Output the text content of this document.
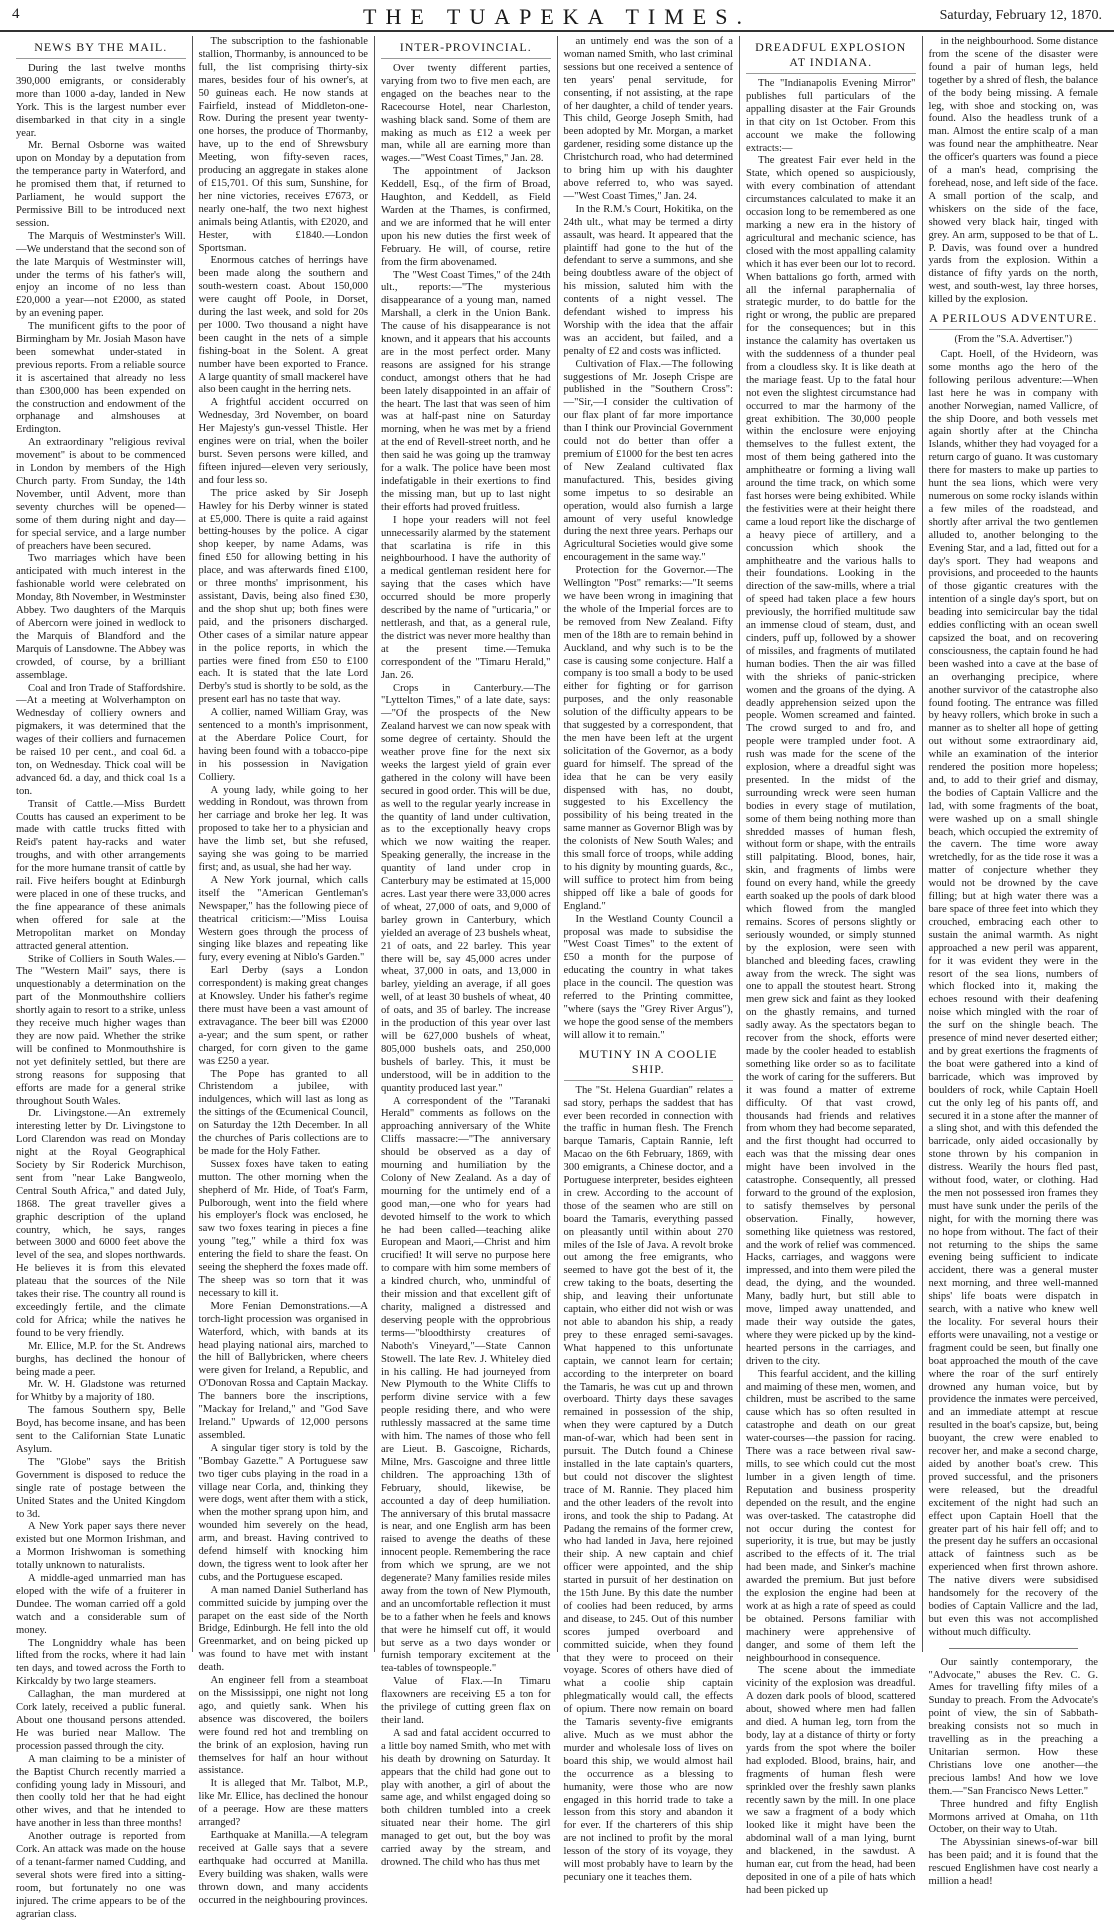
4	THE TUAPEKA TIMES.	Saturday, February 12, 1870.
NEWS BY THE MAIL.

During the last twelve months 390,000 emigrants, or considerably more than 1000 a-day, landed in New York. This is the largest number ever disembarked in that city in a single year.

Mr. Bernal Osborne was waited upon on Monday by a deputation from the temperance party in Waterford, and he promised them that, if returned to Parliament, he would support the Permissive Bill to be introduced next session.

The Marquis of Westminster's Will.—We understand that the second son of the late Marquis of Westminster will, under the terms of his father's will, enjoy an income of no less than £20,000 a year—not £2000, as stated by an evening paper.

The munificent gifts to the poor of Birmingham by Mr. Josiah Mason have been somewhat under-stated in previous reports. From a reliable source it is ascertained that already no less than £300,000 has been expended on the construction and endowment of the orphanage and almshouses at Erdington.

An extraordinary "religious revival movement" is about to be commenced in London by members of the High Church party. From Sunday, the 14th November, until Advent, more than seventy churches will be opened—some of them during night and day—for special service, and a large number of preachers have been secured.

Two marriages which have been anticipated with much interest in the fashionable world were celebrated on Monday, 8th November, in Westminster Abbey. Two daughters of the Marquis of Abercorn were joined in wedlock to the Marquis of Blandford and the Marquis of Lansdowne. The Abbey was crowded, of course, by a brilliant assemblage.

Coal and Iron Trade of Staffordshire.—At a meeting at Wolverhampton on Wednesday of colliery owners and pigmakers, it was determined that the wages of their colliers and furnacemen be raised 10 per cent., and coal 6d. a ton, on Wednesday. Thick coal will be advanced 6d. a day, and thick coal 1s a ton.

Transit of Cattle.—Miss Burdett Coutts has caused an experiment to be made with cattle trucks fitted with Reid's patent hay-racks and water troughs, and with other arrangements for the more humane transit of cattle by rail. Five heifers bought at Edinburgh were placed in one of these trucks, and the fine appearance of these animals when offered for sale at the Metropolitan market on Monday attracted general attention.

Strike of Colliers in South Wales.—The "Western Mail" says, there is unquestionably a determination on the part of the Monmouthshire colliers shortly again to resort to a strike, unless they receive much higher wages than they are now paid. Whether the strike will be confined to Monmouthshire is not yet definitely settled, but there are strong reasons for supposing that efforts are made for a general strike throughout South Wales.

Dr. Livingstone.—An extremely interesting letter by Dr. Livingstone to Lord Clarendon was read on Monday night at the Royal Geographical Society by Sir Roderick Murchison, sent from "near Lake Bangweolo, Central South Africa," and dated July, 1868. The great traveller gives a graphic description of the upland country, which, he says, ranges between 3000 and 6000 feet above the level of the sea, and slopes northwards. He believes it is from this elevated plateau that the sources of the Nile takes their rise. The country all round is exceedingly fertile, and the climate cold for Africa; while the natives he found to be very friendly.

Mr. Ellice, M.P. for the St. Andrews burghs, has declined the honour of being made a peer.

Mr. W. H. Gladstone was returned for Whitby by a majority of 180.

The famous Southern spy, Belle Boyd, has become insane, and has been sent to the Californian State Lunatic Asylum.

The "Globe" says the British Government is disposed to reduce the single rate of postage between the United States and the United Kingdom to 3d.

A New York paper says there never existed but one Mormon Irishman, and a Mormon Irishwoman is something totally unknown to naturalists.

A middle-aged unmarried man has eloped with the wife of a fruiterer in Dundee. The woman carried off a gold watch and a considerable sum of money.

The Longniddry whale has been lifted from the rocks, where it had lain ten days, and towed across the Forth to Kirkcaldy by two large steamers.

Callaghan, the man murdered at Cork lately, received a public funeral. About one thousand persons attended. He was buried near Mallow. The procession passed through the city.

A man claiming to be a minister of the Baptist Church recently married a confiding young lady in Missouri, and then coolly told her that he had eight other wives, and that he intended to have another in less than three months!

Another outrage is reported from Cork. An attack was made on the house of a tenant-farmer named Cudding, and several shots were fired into a sitting-room, but fortunately no one was injured. The crime appears to be of the agrarian class.

The subscription to the fashionable stallion, Thormanby, is announced to be full, the list comprising thirty-six mares, besides four of his owner's, at 50 guineas each. He now stands at Fairfield, instead of Middleton-one-Row. During the present year twenty-one horses, the produce of Thormanby, have, up to the end of Shrewsbury Meeting, won fifty-seven races, producing an aggregate in stakes alone of £15,701. Of this sum, Sunshine, for her nine victories, receives £7673, or nearly one-half, the two next highest animals being Atlantis, with £2020, and Hester, with £1840.—London Sportsman.

Enormous catches of herrings have been made along the southern and south-western coast. About 150,000 were caught off Poole, in Dorset, during the last week, and sold for 20s per 1000. Two thousand a night have been caught in the nets of a simple fishing-boat in the Solent. A great number have been exported to France. A large quantity of small mackerel have also been caught in the herring nets.

A frightful accident occurred on Wednesday, 3rd November, on board Her Majesty's gun-vessel Thistle. Her engines were on trial, when the boiler burst. Seven persons were killed, and fifteen injured—eleven very seriously, and four less so.

The price asked by Sir Joseph Hawley for his Derby winner is stated at £5,000. There is quite a raid against betting-houses by the police. A cigar shop keeper, by name Adams, was fined £50 for allowing betting in his place, and was afterwards fined £100, or three months' imprisonment, his assistant, Davis, being also fined £30, and the shop shut up; both fines were paid, and the prisoners discharged. Other cases of a similar nature appear in the police reports, in which the parties were fined from £50 to £100 each. It is stated that the late Lord Derby's stud is shortly to be sold, as the present earl has no taste that way.

A collier, named William Gray, was sentenced to a month's imprisonment, at the Aberdare Police Court, for having been found with a tobacco-pipe in his possession in Navigation Colliery.

A young lady, while going to her wedding in Rondout, was thrown from her carriage and broke her leg. It was proposed to take her to a physician and have the limb set, but she refused, saying she was going to be married first; and, as usual, she had her way.

A New York journal, which calls itself the "American Gentleman's Newspaper," has the following piece of theatrical criticism:—"Miss Louisa Western goes through the process of singing like blazes and repeating like fury, every evening at Niblo's Garden."

Earl Derby (says a London correspondent) is making great changes at Knowsley. Under his father's regime there must have been a vast amount of extravagance. The beer bill was £2000 a-year; and the sum spent, or rather charged, for corn given to the game was £250 a year.

The Pope has granted to all Christendom a jubilee, with indulgences, which will last as long as the sittings of the Œcumenical Council, on Saturday the 12th December. In all the churches of Paris collections are to be made for the Holy Father.

Sussex foxes have taken to eating mutton. The other morning when the shepherd of Mr. Hide, of Toat's Farm, Pulborough, went into the field where his employer's flock was enclosed, he saw two foxes tearing in pieces a fine young "teg," while a third fox was entering the field to share the feast. On seeing the shepherd the foxes made off. The sheep was so torn that it was necessary to kill it.

More Fenian Demonstrations.—A torch-light procession was organised in Waterford, which, with bands at its head playing national airs, marched to the hill of Ballybricken, where cheers were given for Ireland, a Republic, and O'Donovan Rossa and Captain Mackay. The banners bore the inscriptions, "Mackay for Ireland," and "God Save Ireland." Upwards of 12,000 persons assembled.

A singular tiger story is told by the "Bombay Gazette." A Portuguese saw two tiger cubs playing in the road in a village near Corla, and, thinking they were dogs, went after them with a stick, when the mother sprang upon him, and wounded him severely on the head, arm, and breast. Having contrived to defend himself with knocking him down, the tigress went to look after her cubs, and the Portuguese escaped.

A man named Daniel Sutherland has committed suicide by jumping over the parapet on the east side of the North Bridge, Edinburgh. He fell into the old Greenmarket, and on being picked up was found to have met with instant death.

An engineer fell from a steamboat on the Mississippi, one night not long ago, and quietly sank. When his absence was discovered, the boilers were found red hot and trembling on the brink of an explosion, having run themselves for half an hour without assistance.

It is alleged that Mr. Talbot, M.P., like Mr. Ellice, has declined the honour of a peerage. How are these matters arranged?

Earthquake at Manilla.—A telegram received at Galle says that a severe earthquake had occurred at Manilla. Every building was shaken, walls were thrown down, and many accidents occurred in the neighbouring provinces.

INTER-PROVINCIAL.

Over twenty different parties, varying from two to five men each, are engaged on the beaches near to the Racecourse Hotel, near Charleston, washing black sand. Some of them are making as much as £12 a week per man, while all are earning more than wages.—"West Coast Times," Jan. 28.

The appointment of Jackson Keddell, Esq., of the firm of Broad, Haughton, and Keddell, as Field Warden at the Thames, is confirmed, and we are informed that he will enter upon his new duties the first week of February. He will, of course, retire from the firm abovenamed.

The "West Coast Times," of the 24th ult., reports:—"The mysterious disappearance of a young man, named Marshall, a clerk in the Union Bank. The cause of his disappearance is not known, and it appears that his accounts are in the most perfect order. Many reasons are assigned for his strange conduct, amongst others that he had been lately disappointed in an affair of the heart. The last that was seen of him was at half-past nine on Saturday morning, when he was met by a friend at the end of Revell-street north, and he then said he was going up the tramway for a walk. The police have been most indefatigable in their exertions to find the missing man, but up to last night their efforts had proved fruitless.

I hope your readers will not feel unnecessarily alarmed by the statement that scarlatina is rife in this neighbourhood. I have the authority of a medical gentleman resident here for saying that the cases which have occurred should be more properly described by the name of "urticaria," or nettlerash, and that, as a general rule, the district was never more healthy than at the present time.—Temuka correspondent of the "Timaru Herald," Jan. 26.

Crops in Canterbury.—The "Lyttelton Times," of a late date, says:—"Of the prospects of the New Zealand harvest we can now speak with some degree of certainty. Should the weather prove fine for the next six weeks the largest yield of grain ever gathered in the colony will have been secured in good order. This will be due, as well to the regular yearly increase in the quantity of land under cultivation, as to the exceptionally heavy crops which we now waiting the reaper. Speaking generally, the increase in the quantity of land under crop in Canterbury may be estimated at 15,000 acres. Last year there were 33,000 acres of wheat, 27,000 of oats, and 9,000 of barley grown in Canterbury, which yielded an average of 23 bushels wheat, 21 of oats, and 22 barley. This year there will be, say 45,000 acres under wheat, 37,000 in oats, and 13,000 in barley, yielding an average, if all goes well, of at least 30 bushels of wheat, 40 of oats, and 35 of barley. The increase in the production of this year over last will be 627,000 bushels of wheat, 805,000 bushels oats, and 250,000 bushels of barley. This, it must be understood, will be in addition to the quantity produced last year."

A correspondent of the "Taranaki Herald" comments as follows on the approaching anniversary of the White Cliffs massacre:—"The anniversary should be observed as a day of mourning and humiliation by the Colony of New Zealand. As a day of mourning for the untimely end of a good man,—one who for years had devoted himself to the work to which he had been called—teaching alike European and Maori,—Christ and him crucified! It will serve no purpose here to compare with him some members of a kindred church, who, unmindful of their mission and that excellent gift of charity, maligned a distressed and deserving people with the opprobrious terms—"bloodthirsty creatures of Naboth's Vineyard,"—State Cannon Stowell. The late Rev. J. Whiteley died in his calling. He had journeyed from New Plymouth to the White Cliffs to perform divine service with a few people residing there, and who were ruthlessly massacred at the same time with him. The names of those who fell are Lieut. B. Gascoigne, Richards, Milne, Mrs. Gascoigne and three little children. The approaching 13th of February, should, likewise, be accounted a day of deep humiliation. The anniversary of this brutal massacre is near, and one English arm has been raised to avenge the deaths of these innocent people. Remembering the race from which we sprung, are we not degenerate? Many families reside miles away from the town of New Plymouth, and an uncomfortable reflection it must be to a father when he feels and knows that were he himself cut off, it would but serve as a two days wonder or furnish temporary excitement at the tea-tables of townspeople."

Value of Flax.—In Timaru flaxowners are receiving £5 a ton for the privilege of cutting green flax on their land.

A sad and fatal accident occurred to a little boy named Smith, who met with his death by drowning on Saturday. It appears that the child had gone out to play with another, a girl of about the same age, and whilst engaged doing so both children tumbled into a creek situated near their home. The girl managed to get out, but the boy was carried away by the stream, and drowned. The child who has thus met

an untimely end was the son of a woman named Smith, who last criminal sessions but one received a sentence of ten years' penal servitude, for consenting, if not assisting, at the rape of her daughter, a child of tender years. This child, George Joseph Smith, had been adopted by Mr. Morgan, a market gardener, residing some distance up the Christchurch road, who had determined to bring him up with his daughter above referred to, who was sayed.—"West Coast Times," Jan. 24.

In the R.M.'s Court, Hokitika, on the 24th ult., what may be termed a dirty assault, was heard. It appeared that the plaintiff had gone to the hut of the defendant to serve a summons, and she being doubtless aware of the object of his mission, saluted him with the contents of a night vessel. The defendant wished to impress his Worship with the idea that the affair was an accident, but failed, and a penalty of £2 and costs was inflicted.

Cultivation of Flax.—The following suggestions of Mr. Joseph Crispe are published in the "Southern Cross":—"Sir,—I consider the cultivation of our flax plant of far more importance than I think our Provincial Government could not do better than offer a premium of £1000 for the best ten acres of New Zealand cultivated flax manufactured. This, besides giving some impetus to so desirable an operation, would also furnish a large amount of very useful knowledge during the next three years. Perhaps our Agricultural Societies would give some encouragement in the same way."

Protection for the Governor.—The Wellington "Post" remarks:—"It seems we have been wrong in imagining that the whole of the Imperial forces are to be removed from New Zealand. Fifty men of the 18th are to remain behind in Auckland, and why such is to be the case is causing some conjecture. Half a company is too small a body to be used either for fighting or for garrison purposes, and the only reasonable solution of the difficulty appears to be that suggested by a correspondent, that the men have been left at the urgent solicitation of the Governor, as a body guard for himself. The spread of the idea that he can be very easily dispensed with has, no doubt, suggested to his Excellency the possibility of his being treated in the same manner as Governor Bligh was by the colonists of New South Wales; and this small force of troops, while adding to his dignity by mounting guards, &c., will suffice to protect him from being shipped off like a bale of goods for England."

In the Westland County Council a proposal was made to subsidise the "West Coast Times" to the extent of £50 a month for the purpose of educating the country in what takes place in the council. The question was referred to the Printing committee, "where (says the "Grey River Argus"), we hope the good sense of the members will allow it to remain."

MUTINY IN A COOLIE SHIP.

The "St. Helena Guardian" relates a sad story, perhaps the saddest that has ever been recorded in connection with the traffic in human flesh. The French barque Tamaris, Captain Rannie, left Macao on the 6th February, 1869, with 300 emigrants, a Chinese doctor, and a Portuguese interpreter, besides eighteen in crew. According to the account of those of the seamen who are still on board the Tamaris, everything passed on pleasantly until within about 270 miles of the Isle of Java. A revolt broke out among the free emigrants, who seemed to have got the best of it, the crew taking to the boats, deserting the ship, and leaving their unfortunate captain, who either did not wish or was not able to abandon his ship, a ready prey to these enraged semi-savages. What happened to this unfortunate captain, we cannot learn for certain; according to the interpreter on board the Tamaris, he was cut up and thrown overboard. Thirty days these savages remained in possession of the ship, when they were captured by a Dutch man-of-war, which had been sent in pursuit. The Dutch found a Chinese installed in the late captain's quarters, but could not discover the slightest trace of M. Rannie. They placed him and the other leaders of the revolt into irons, and took the ship to Padang. At Padang the remains of the former crew, who had landed in Java, here rejoined their ship. A new captain and chief officer were appointed, and the ship started in pursuit of her destination on the 15th June. By this date the number of coolies had been reduced, by arms and disease, to 245. Out of this number scores jumped overboard and committed suicide, when they found that they were to proceed on their voyage. Scores of others have died of what a coolie ship captain phlegmatically would call, the effects of opium. There now remain on board the Tamaris seventy-five emigrants alive. Much as we must abhor the murder and wholesale loss of lives on board this ship, we would almost hail the occurrence as a blessing to humanity, were those who are now engaged in this horrid trade to take a lesson from this story and abandon it for ever. If the charterers of this ship are not inclined to profit by the moral lesson of the story of its voyage, they will most probably have to learn by the pecuniary one it teaches them.

DREADFUL EXPLOSION AT INDIANA.

The "Indianapolis Evening Mirror" publishes full particulars of the appalling disaster at the Fair Grounds in that city on 1st October. From this account we make the following extracts:—

The greatest Fair ever held in the State, which opened so auspiciously, with every combination of attendant circumstances calculated to make it an occasion long to be remembered as one marking a new era in the history of agricultural and mechanic science, has closed with the most appalling calamity which it has ever been our lot to record. When battalions go forth, armed with all the infernal paraphernalia of strategic murder, to do battle for the right or wrong, the public are prepared for the consequences; but in this instance the calamity has overtaken us with the suddenness of a thunder peal from a cloudless sky. It is like death at the mariage feast. Up to the fatal hour not even the slightest circumstance had occurred to mar the harmony of the great exhibition. The 30,000 people within the enclosure were enjoying themselves to the fullest extent, the most of them being gathered into the amphitheatre or forming a living wall around the time track, on which some fast horses were being exhibited. While the festivities were at their height there came a loud report like the discharge of a heavy piece of artillery, and a concussion which shook the amphitheatre and the various halls to their foundations. Looking in the direction of the saw-mills, where a trial of speed had taken place a few hours previously, the horrified multitude saw an immense cloud of steam, dust, and cinders, puff up, followed by a shower of missiles, and fragments of mutilated human bodies. Then the air was filled with the shrieks of panic-stricken women and the groans of the dying. A deadly apprehension seized upon the people. Women screamed and fainted. The crowd surged to and fro, and people were trampled under foot. A rush was made for the scene of the explosion, where a dreadful sight was presented. In the midst of the surrounding wreck were seen human bodies in every stage of mutilation, some of them being nothing more than shredded masses of human flesh, without form or shape, with the entrails still palpitating. Blood, bones, hair, skin, and fragments of limbs were found on every hand, while the greedy earth soaked up the pools of dark blood which flowed from the mangled remains. Scores of persons slightly or seriously wounded, or simply stunned by the explosion, were seen with blanched and bleeding faces, crawling away from the wreck. The sight was one to appall the stoutest heart. Strong men grew sick and faint as they looked on the ghastly remains, and turned sadly away. As the spectators began to recover from the shock, efforts were made by the cooler headed to establish something like order so as to facilitate the work of caring for the sufferers. But it was found a matter of extreme difficulty. Of that vast crowd, thousands had friends and relatives from whom they had become separated, and the first thought had occurred to each was that the missing dear ones might have been involved in the catastrophe. Consequently, all pressed forward to the ground of the explosion, to satisfy themselves by personal observation. Finally, however, something like quietness was restored, and the work of relief was commenced. Hacks, carriages, and waggons were impressed, and into them were piled the dead, the dying, and the wounded. Many, badly hurt, but still able to move, limped away unattended, and made their way outside the gates, where they were picked up by the kind-hearted persons in the carriages, and driven to the city.

This fearful accident, and the killing and maiming of these men, women, and children, must be ascribed to the same cause which has so often resulted in catastrophe and death on our great water-courses—the passion for racing. There was a race between rival saw-mills, to see which could cut the most lumber in a given length of time. Reputation and business prosperity depended on the result, and the engine was over-tasked. The catastrophe did not occur during the contest for superiority, it is true, but may be justly ascribed to the effects of it. The trial had been made, and Sinker's machine awarded the premium. But just before the explosion the engine had been at work at as high a rate of speed as could be obtained. Persons familiar with machinery were apprehensive of danger, and some of them left the neighbourhood in consequence.

The scene about the immediate vicinity of the explosion was dreadful. A dozen dark pools of blood, scattered about, showed where men had fallen and died. A human leg, torn from the body, lay at a distance of thirty or forty yards from the spot where the boiler had exploded. Blood, brains, hair, and fragments of human flesh were sprinkled over the freshly sawn planks recently sawn by the mill. In one place we saw a fragment of a body which looked like it might have been the abdominal wall of a man lying, burnt and blackened, in the sawdust. A human ear, cut from the head, had been deposited in one of a pile of hats which had been picked up

in the neighbourhood. Some distance from the scene of the disaster were found a pair of human legs, held together by a shred of flesh, the balance of the body being missing. A female leg, with shoe and stocking on, was found. Also the headless trunk of a man. Almost the entire scalp of a man was found near the amphitheatre. Near the officer's quarters was found a piece of a man's head, comprising the forehead, nose, and left side of the face. A small portion of the scalp, and whiskers on the side of the face, showed very black hair, tinged with grey. An arm, supposed to be that of L. P. Davis, was found over a hundred yards from the explosion. Within a distance of fifty yards on the north, west, and south-west, lay three horses, killed by the explosion.

A PERILOUS ADVENTURE.
(From the "S.A. Advertiser.")

Capt. Hoell, of the Hvideorn, was some months ago the hero of the following perilous adventure:—When last here he was in company with another Norwegian, named Vallicre, of the ship Doore, and both vessels met again shortly after at the Chincha Islands, whither they had voyaged for a return cargo of guano. It was customary there for masters to make up parties to hunt the sea lions, which were very numerous on some rocky islands within a few miles of the roadstead, and shortly after arrival the two gentlemen alluded to, another belonging to the Evening Star, and a lad, fitted out for a day's sport. They had weapons and provisions, and proceeded to the haunts of those gigantic creatures with the intention of a single day's sport, but on beading into semicircular bay the tidal eddies conflicting with an ocean swell capsized the boat, and on recovering consciousness, the captain found he had been washed into a cave at the base of an overhanging precipice, where another survivor of the catastrophe also found footing. The entrance was filled by heavy rollers, which broke in such a manner as to shelter all hope of getting out without some extraordinary aid, while an examination of the interior rendered the position more hopeless; and, to add to their grief and dismay, the bodies of Captain Vallicre and the lad, with some fragments of the boat, were washed up on a small shingle beach, which occupied the extremity of the cavern. The time wore away wretchedly, for as the tide rose it was a matter of conjecture whether they would not be drowned by the cave filling; but at high water there was a bare space of three feet into which they crouched, embracing each other to sustain the animal warmth. As night approached a new peril was apparent, for it was evident they were in the resort of the sea lions, numbers of which flocked into it, making the echoes resound with their deafening noise which mingled with the roar of the surf on the shingle beach. The presence of mind never deserted either; and by great exertions the fragments of the boat were gathered into a kind of barricade, which was improved by boulders of rock, while Captain Hoell cut the only leg of his pants off, and secured it in a stone after the manner of a sling shot, and with this defended the barricade, only aided occasionally by stone thrown by his companion in distress. Wearily the hours fled past, without food, water, or clothing. Had the men not possessed iron frames they must have sunk under the perils of the night, for with the morning there was no hope from without. The fact of their not returning to the ships the same evening being sufficient to indicate accident, there was a general muster next morning, and three well-manned ships' life boats were dispatch in search, with a native who knew well the locality. For several hours their efforts were unavailing, not a vestige or fragment could be seen, but finally one boat approached the mouth of the cave where the roar of the surf entirely drowned any human voice, but by providence the inmates were perceived, and an immediate attempt at rescue resulted in the boat's capsize, but, being buoyant, the crew were enabled to recover her, and make a second charge, aided by another boat's crew. This proved successful, and the prisoners were released, but the dreadful excitement of the night had such an effect upon Captain Hoell that the greater part of his hair fell off; and to the present day he suffers an occasional attack of faintness such as be experienced when first thrown ashore. The native divers were subsidised handsomely for the recovery of the bodies of Captain Vallicre and the lad, but even this was not accomplished without much difficulty.

Our saintly contemporary, the "Advocate," abuses the Rev. C. G. Ames for travelling fifty miles of a Sunday to preach. From the Advocate's point of view, the sin of Sabbath-breaking consists not so much in travelling as in the preaching a Unitarian sermon. How these Christians love one another—the precious lambs! And how we love them.—"San Francisco News Letter."

Three hundred and fifty English Mormons arrived at Omaha, on 11th October, on their way to Utah.

The Abyssinian sinews-of-war bill has been paid; and it is found that the rescued Englishmen have cost nearly a million a head!
